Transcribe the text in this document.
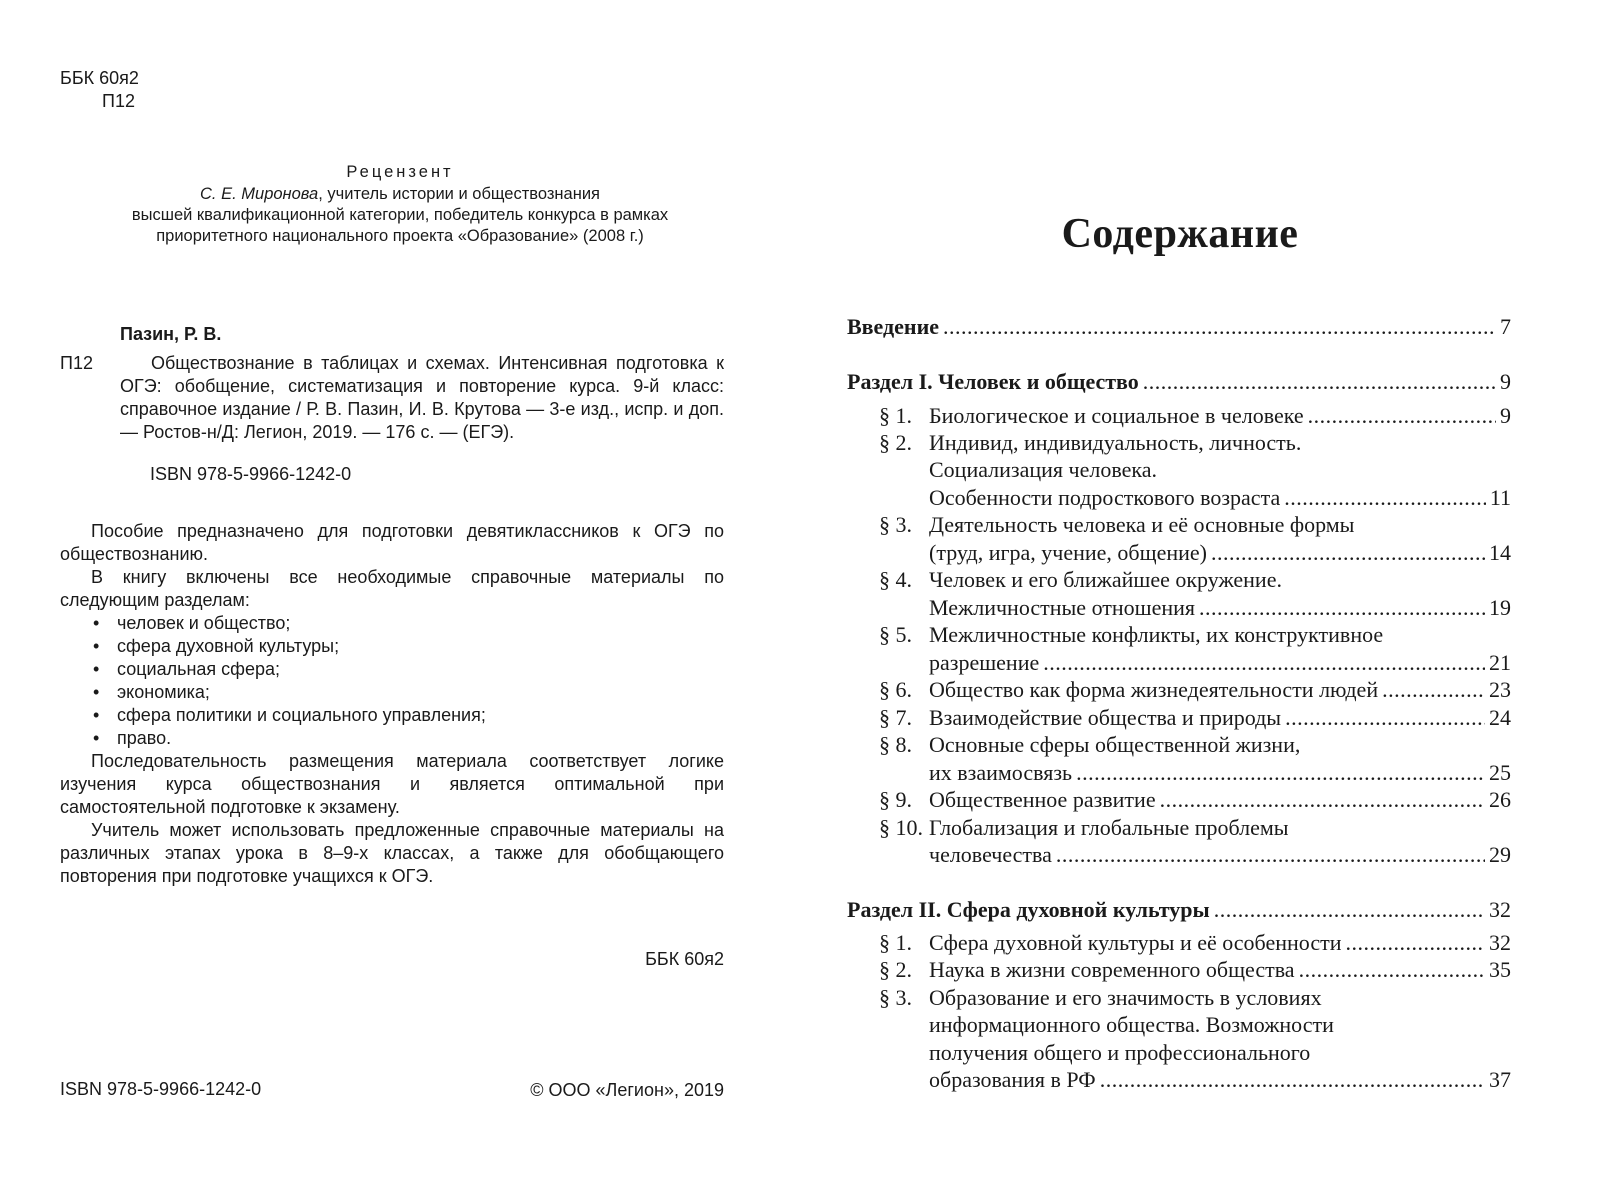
ББК 60я2
П12
Рецензент
С. Е. Миронова, учитель истории и обществознания
высшей квалификационной категории, победитель конкурса в рамках
приоритетного национального проекта «Образование» (2008 г.)
Пазин, Р. В.
П12	Обществознание в таблицах и схемах. Интенсивная подготовка к ОГЭ: обобщение, систематизация и повторение курса. 9-й класс: справочное издание / Р. В. Пазин, И. В. Крутова — 3-е изд., испр. и доп. — Ростов-н/Д: Легион, 2019. — 176 с. — (ЕГЭ).
ISBN 978-5-9966-1242-0

Пособие предназначено для подготовки девятиклассников к ОГЭ по обществознанию.

В книгу включены все необходимые справочные материалы по следующим разделам:

• человек и общество;
• сфера духовной культуры;
• социальная сфера;
• экономика;
• сфера политики и социального управления;
• право.

Последовательность размещения материала соответствует логике изучения курса обществознания и является оптимальной при самостоятельной подготовке к экзамену.

Учитель может использовать предложенные справочные материалы на различных этапах урока в 8–9-х классах, а также для обобщающего повторения при подготовке учащихся к ОГЭ.

ББК 60я2
ISBN 978-5-9966-1242-0	© ООО «Легион», 2019
Содержание
Введение .....	7
Раздел I. Человек и общество .....	9
§ 1. Биологическое и социальное в человеке .....	9
§ 2. Индивид, индивидуальность, личность.
Социализация человека.
Особенности подросткового возраста .....	11
§ 3. Деятельность человека и её основные формы
(труд, игра, учение, общение) .....	14
§ 4. Человек и его ближайшее окружение.
Межличностные отношения .....	19
§ 5. Межличностные конфликты, их конструктивное
разрешение .....	21
§ 6. Общество как форма жизнедеятельности людей .....	23
§ 7. Взаимодействие общества и природы .....	24
§ 8. Основные сферы общественной жизни,
их взаимосвязь .....	25
§ 9. Общественное развитие .....	26
§ 10. Глобализация и глобальные проблемы
человечества .....	29
Раздел II. Сфера духовной культуры .....	32
§ 1. Сфера духовной культуры и её особенности .....	32
§ 2. Наука в жизни современного общества .....	35
§ 3. Образование и его значимость в условиях
информационного общества. Возможности
получения общего и профессионального
образования в РФ .....	37
